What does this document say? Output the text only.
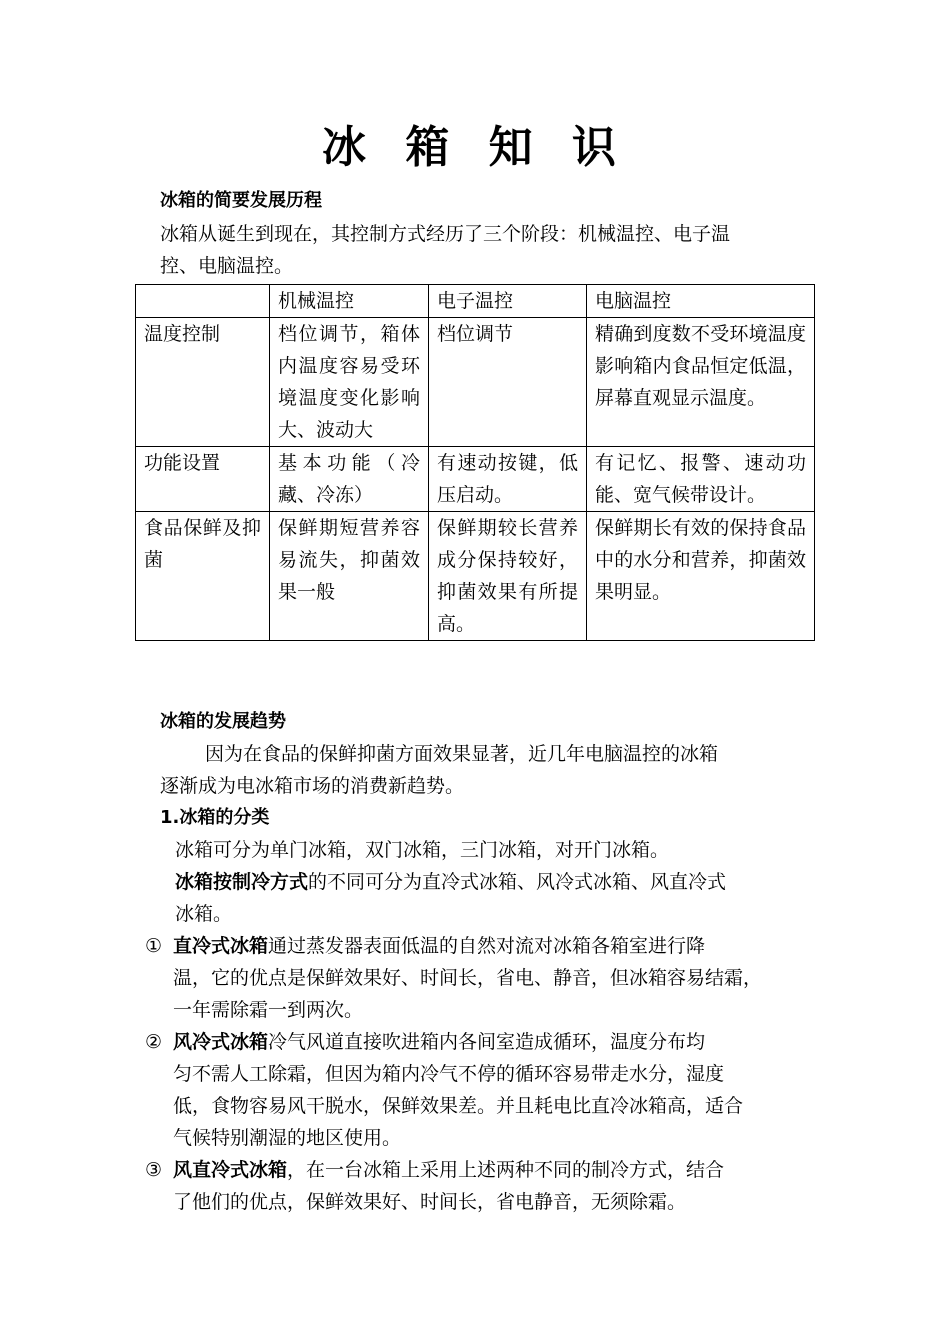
冰 箱 知 识
冰箱的简要发展历程
冰箱从诞生到现在，其控制方式经历了三个阶段：机械温控、电子温
控、电脑温控。
	机械温控	电子温控	电脑温控
温度控制	档位调节，箱体内温度容易受环境温度变化影响大、波动大	档位调节	精确到度数不受环境温度影响箱内食品恒定低温，屏幕直观显示温度。
功能设置	基本功能（冷藏、冷冻）	有速动按键，低压启动。	有记忆、报警、速动功能、宽气候带设计。
食品保鲜及抑菌	保鲜期短营养容易流失，抑菌效果一般	保鲜期较长营养成分保持较好，抑菌效果有所提高。	保鲜期长有效的保持食品中的水分和营养，抑菌效果明显。
冰箱的发展趋势
因为在食品的保鲜抑菌方面效果显著，近几年电脑温控的冰箱
逐渐成为电冰箱市场的消费新趋势。
1.冰箱的分类
冰箱可分为单门冰箱，双门冰箱，三门冰箱，对开门冰箱。
冰箱按制冷方式的不同可分为直冷式冰箱、风冷式冰箱、风直冷式
冰箱。
① 直冷式冰箱通过蒸发器表面低温的自然对流对冰箱各箱室进行降
温，它的优点是保鲜效果好、时间长，省电、静音，但冰箱容易结霜，
一年需除霜一到两次。
② 风冷式冰箱冷气风道直接吹进箱内各间室造成循环，温度分布均
匀不需人工除霜，但因为箱内冷气不停的循环容易带走水分，湿度
低，食物容易风干脱水，保鲜效果差。并且耗电比直冷冰箱高，适合
气候特别潮湿的地区使用。
③ 风直冷式冰箱，在一台冰箱上采用上述两种不同的制冷方式，结合
了他们的优点，保鲜效果好、时间长，省电静音，无须除霜。
